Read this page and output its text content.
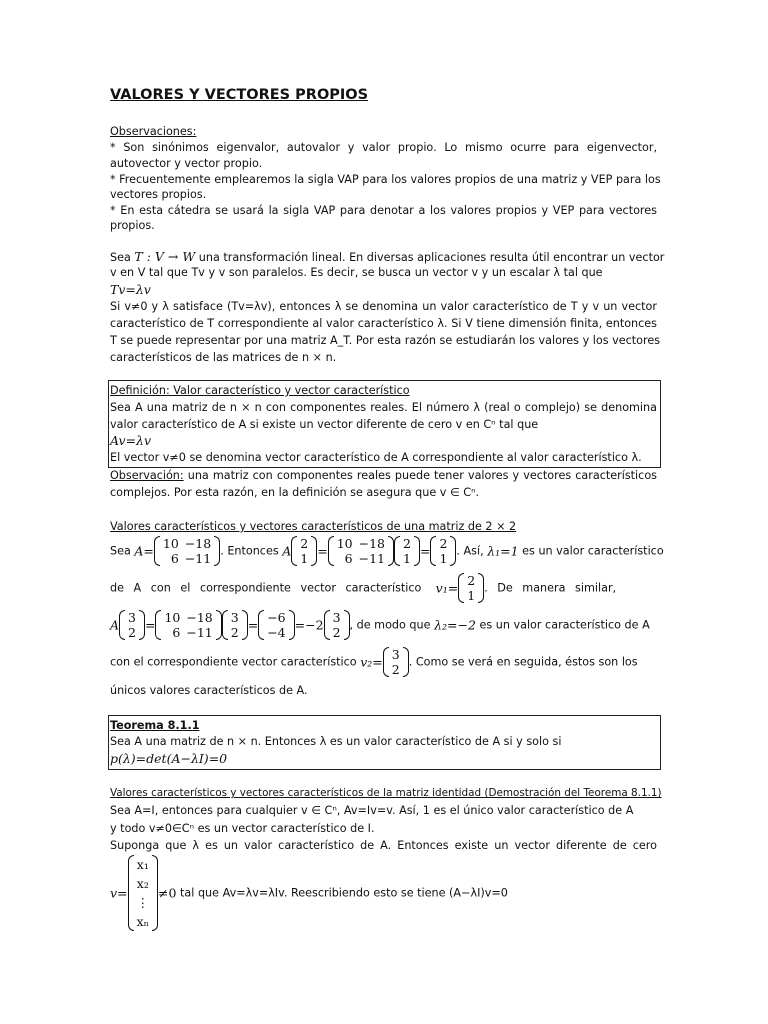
VALORES Y VECTORES PROPIOS
Observaciones:
* Son sinónimos eigenvalor, autovalor y valor propio. Lo mismo ocurre para eigenvector,
autovector y vector propio.
* Frecuentemente emplearemos la sigla VAP para los valores propios de una matriz y VEP para los
vectores propios.
* En esta cátedra se usará la sigla VAP para denotar a los valores propios y VEP para vectores
propios.
Sea T : V → W una transformación lineal. En diversas aplicaciones resulta útil encontrar un vector
v en V tal que Tv y v son paralelos. Es decir, se busca un vector v y un escalar λ tal que
Tv=λv
Si v≠0 y λ satisface (Tv=λv), entonces λ se denomina un valor característico de T y v un vector
característico de T correspondiente al valor característico λ. Si V tiene dimensión finita, entonces
T se puede representar por una matriz A_T. Por esta razón se estudiarán los valores y los vectores
característicos de las matrices de n × n.
Definición: Valor característico y vector característico
Sea A una matriz de n × n con componentes reales. El número λ (real o complejo) se denomina
valor característico de A si existe un vector diferente de cero v en Cⁿ tal que
Av=λv
El vector v≠0 se denomina vector característico de A correspondiente al valor característico λ.
Observación: una matriz con componentes reales puede tener valores y vectores característicos
complejos. Por esta razón, en la definición se asegura que v ∈ Cⁿ.
Valores característicos y vectores característicos de una matriz de 2 × 2
Sea A= 10	−18
6	−11 . Entonces A 2
1 = 10	−18
6	−11
2
1 = 2
1 . Así, λ₁=1 es un valor característico
de A con el correspondiente vector característico v₁= 2
1 . De manera similar,
A 3
2 = 10	−18
6	−11
3
2 = −6
−4 =−2 3
2 , de modo que λ₂=−2 es un valor característico de A
con el correspondiente vector característico v₂= 3
2 . Como se verá en seguida, éstos son los
únicos valores característicos de A.
Teorema 8.1.1
Sea A una matriz de n × n. Entonces λ es un valor característico de A si y solo si
p(λ)=det(A−λI)=0
Valores característicos y vectores característicos de la matriz identidad (Demostración del Teorema 8.1.1)
Sea A=I, entonces para cualquier v ∈ Cⁿ, Av=Iv=v. Así, 1 es el único valor característico de A
y todo v≠0∈Cⁿ es un vector característico de I.
Suponga que λ es un valor característico de A. Entonces existe un vector diferente de cero
v=
x₁
x₂
⋮
xₙ
≠0 tal que Av=λv=λIv. Reescribiendo esto se tiene (A−λI)v=0
